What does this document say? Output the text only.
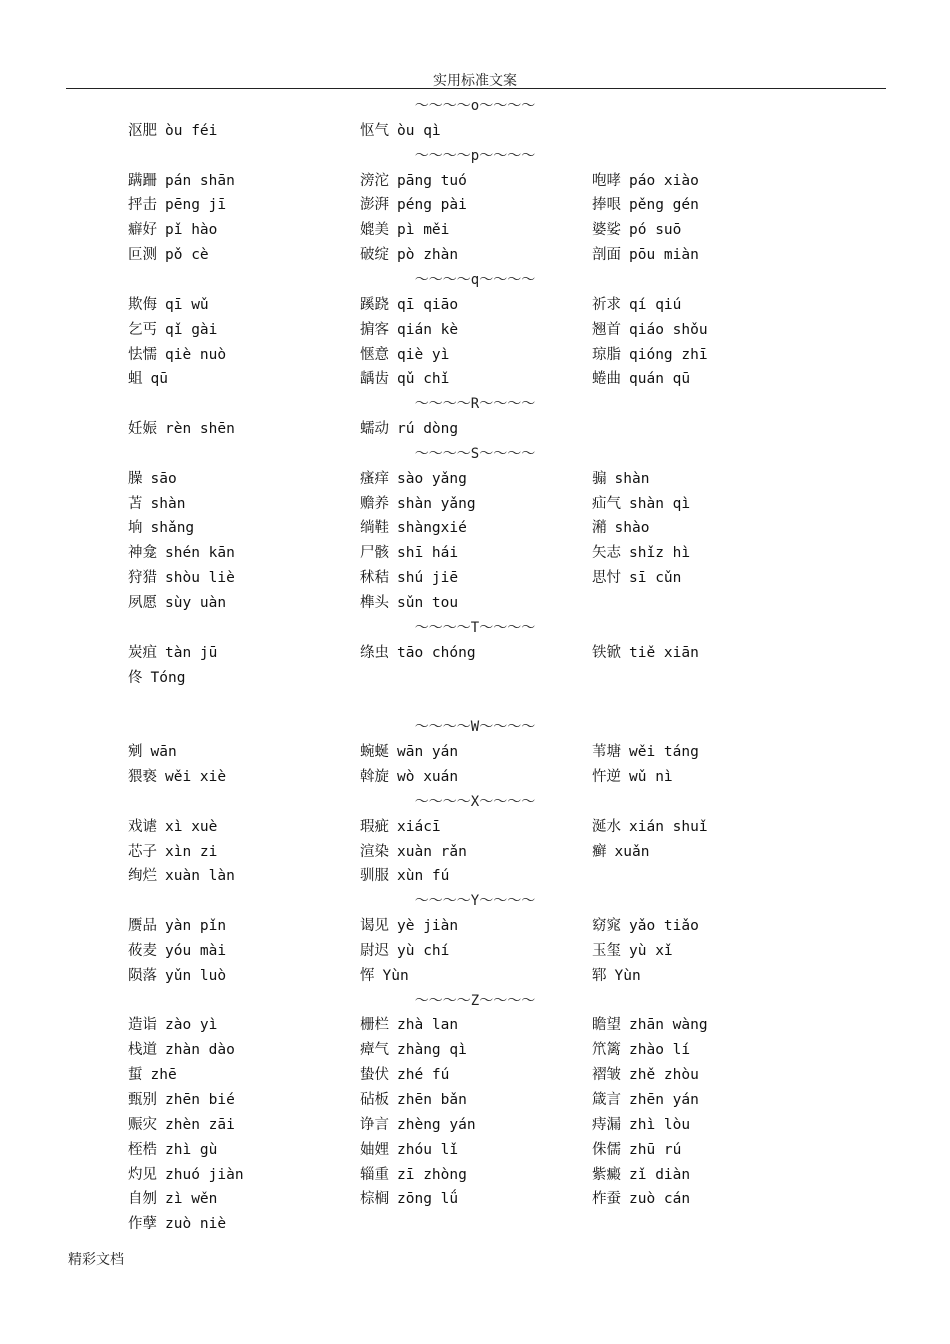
实用标准文案
～～～～o～～～～
沤肥 òu féi	怄气 òu qì
～～～～p～～～～
蹒跚 pán shān	滂沱 pāng tuó	咆哮 páo xiào
抨击 pēng jī	澎湃 péng pài	捧哏 pěng gén
癖好 pǐ hào	媲美 pì měi	婆娑 pó suō
叵测 pǒ cè	破绽 pò zhàn	剖面 pōu miàn
～～～～q～～～～
欺侮 qī wǔ	蹊跷 qī qiāo	祈求 qí qiú
乞丐 qǐ gài	掮客 qián kè	翘首 qiáo shǒu
怯懦 qiè nuò	惬意 qiè yì	琼脂 qióng zhī
蛆 qū	龋齿 qǔ chǐ	蜷曲 quán qū
～～～～R～～～～
妊娠 rèn shēn	蠕动 rú dòng
～～～～S～～～～
臊 sāo	瘙痒 sào yǎng	骟 shàn
苫 shàn	赡养 shàn yǎng	疝气 shàn qì
垧 shǎng	绱鞋 shàngxié	潲 shào
神龛 shén kān	尸骸 shī hái	矢志 shǐz hì
狩猎 shòu liè	秫秸 shú jiē	思忖 sī cǔn
夙愿 sùy uàn	榫头 sǔn tou
～～～～T～～～～
炭疽 tàn jū	绦虫 tāo chóng	铁锨 tiě xiān
佟 Tóng
～～～～W～～～～
剜 wān	蜿蜒 wān yán	苇塘 wěi táng
猥亵 wěi xiè	斡旋 wò xuán	忤逆 wǔ nì
～～～～X～～～～
戏谑 xì xuè	瑕疵 xiácī	涎水 xián shuǐ
芯子 xìn zi	渲染 xuàn rǎn	癣 xuǎn
绚烂 xuàn làn	驯服 xùn fú
～～～～Y～～～～
赝品 yàn pǐn	谒见 yè jiàn	窈窕 yǎo tiǎo
莜麦 yóu mài	尉迟 yù chí	玉玺 yù xǐ
陨落 yǔn luò	恽 Yùn	郓 Yùn
～～～～Z～～～～
造诣 zào yì	栅栏 zhà lan	瞻望 zhān wàng
栈道 zhàn dào	瘴气 zhàng qì	笊篱 zhào lí
蜇 zhē	蛰伏 zhé fú	褶皱 zhě zhòu
甄别 zhēn bié	砧板 zhēn bǎn	箴言 zhēn yán
赈灾 zhèn zāi	诤言 zhèng yán	痔漏 zhì lòu
桎梏 zhì gù	妯娌 zhóu lǐ	侏儒 zhū rú
灼见 zhuó jiàn	辎重 zī zhòng	紫癜 zǐ diàn
自刎 zì wěn	棕榈 zōng lǘ	柞蚕 zuò cán
作孽 zuò niè
精彩文档
